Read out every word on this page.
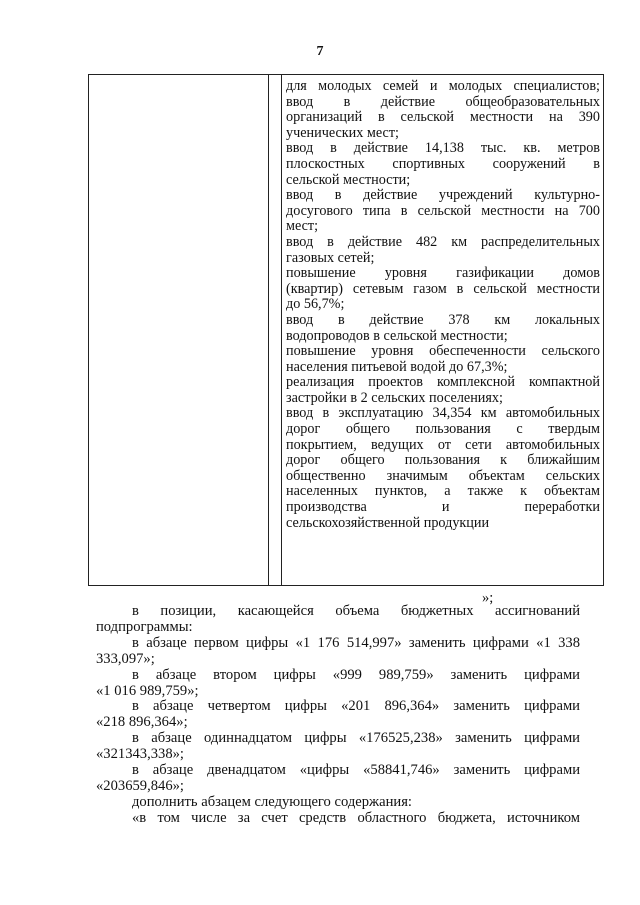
7
для молодых семей и молодых специалистов;
ввод в действие общеобразовательных
организаций в сельской местности на 390
ученических мест;
ввод в действие 14,138 тыс. кв. метров
плоскостных спортивных сооружений в
сельской местности;
ввод в действие учреждений культурно-
досугового типа в сельской местности на 700
мест;
ввод в действие 482 км распределительных
газовых сетей;
повышение уровня газификации домов
(квартир) сетевым газом в сельской местности
до 56,7%;
ввод в действие 378 км локальных
водопроводов в сельской местности;
повышение уровня обеспеченности сельского
населения питьевой водой до 67,3%;
реализация проектов комплексной компактной
застройки в 2 сельских поселениях;
ввод в эксплуатацию 34,354 км автомобильных
дорог общего пользования с твердым
покрытием, ведущих от сети автомобильных
дорог общего пользования к ближайшим
общественно значимым объектам сельских
населенных пунктов, а также к объектам
производства и переработки
сельскохозяйственной продукции
»;
в позиции, касающейся объема бюджетных ассигнований
подпрограммы:
в абзаце первом цифры «1 176 514,997» заменить цифрами «1 338
333,097»;
в абзаце втором цифры «999 989,759» заменить цифрами
«1 016 989,759»;
в абзаце четвертом цифры «201 896,364» заменить цифрами
«218 896,364»;
в абзаце одиннадцатом цифры «176525,238» заменить цифрами
«321343,338»;
в абзаце двенадцатом «цифры «58841,746» заменить цифрами
«203659,846»;
дополнить абзацем следующего содержания:
«в том числе за счет средств областного бюджета, источником
